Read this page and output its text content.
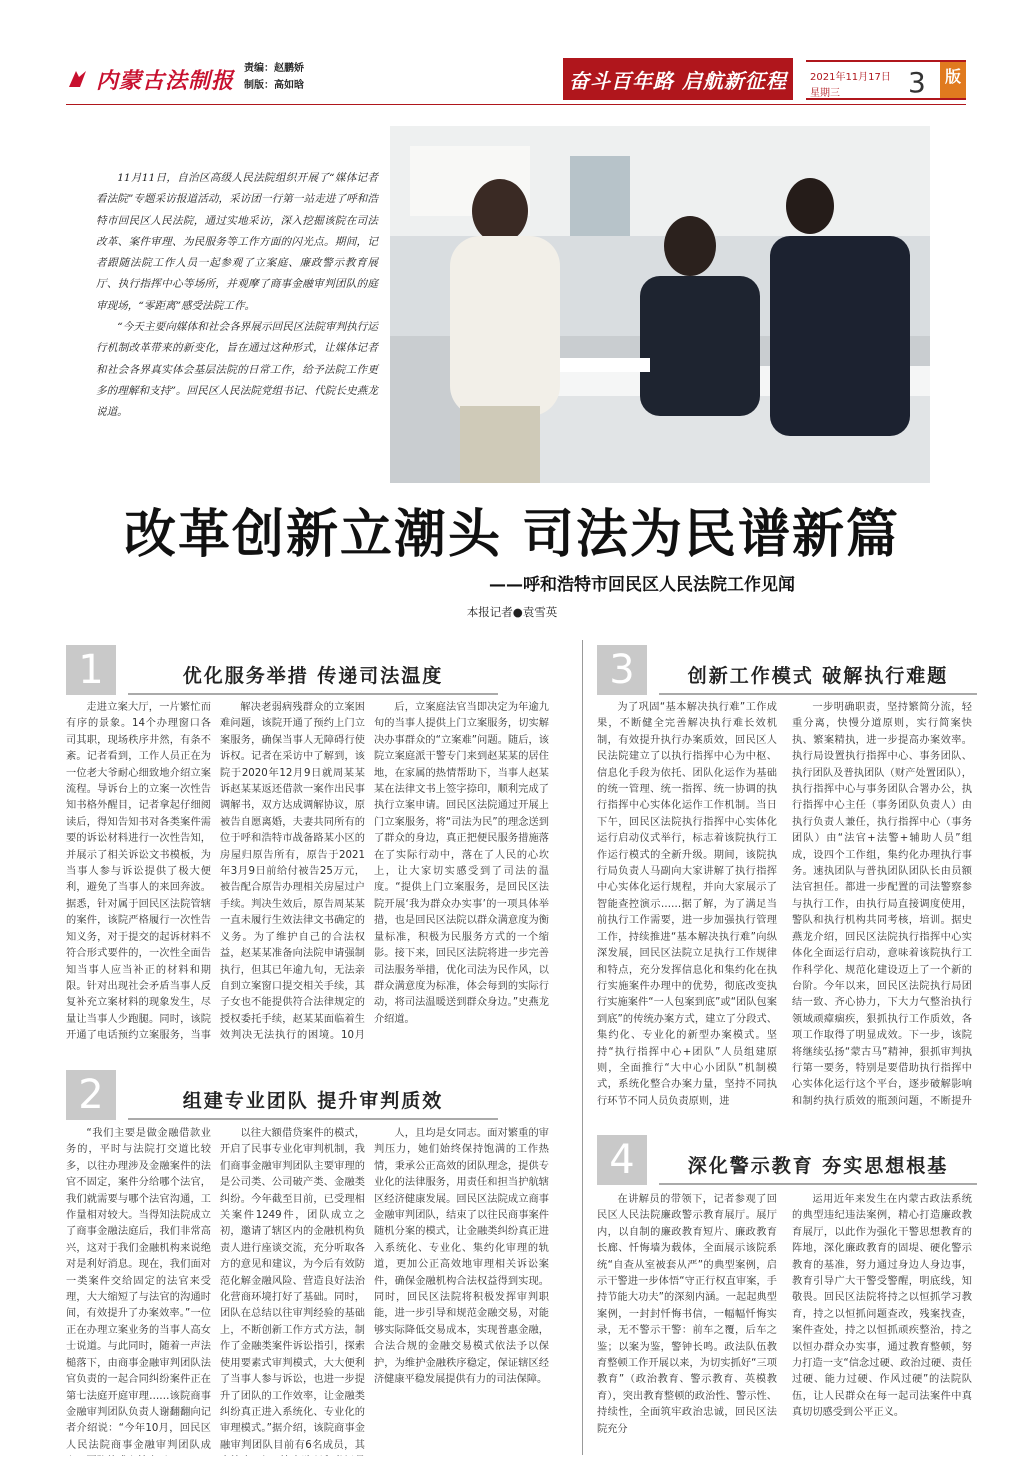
内蒙古法制报 责编：赵鹏娇
制版：高如晗	奋斗百年路 启航新征程	2021年11月17日
星期三 3	版

11月11日，自治区高级人民法院组织开展了“媒体记者看法院”专题采访报道活动，采访团一行第一站走进了呼和浩特市回民区人民法院，通过实地采访，深入挖掘该院在司法改革、案件审理、为民服务等工作方面的闪光点。期间，记者跟随法院工作人员一起参观了立案庭、廉政警示教育展厅、执行指挥中心等场所，并观摩了商事金融审判团队的庭审现场，“零距离”感受法院工作。

“今天主要向媒体和社会各界展示回民区法院审判执行运行机制改革带来的新变化，旨在通过这种形式，让媒体记者和社会各界真实体会基层法院的日常工作，给予法院工作更多的理解和支持”。回民区人民法院党组书记、代院长史燕龙说道。

改革创新立潮头 司法为民谱新篇
——呼和浩特市回民区人民法院工作见闻
本报记者●袁雪英
1	优化服务举措 传递司法温度

走进立案大厅，一片繁忙而有序的景象。14个办理窗口各司其职，现场秩序井然，有条不紊。记者看到，工作人员正在为一位老大爷耐心细致地介绍立案流程。导诉台上的立案一次性告知书格外醒目，记者拿起仔细阅读后，得知告知书对各类案件需要的诉讼材料进行一次性告知，并展示了相关诉讼文书模板，为当事人参与诉讼提供了极大便利，避免了当事人的来回奔波。据悉，针对属于回民区法院管辖的案件，该院严格履行一次性告知义务，对于提交的起诉材料不符合形式要件的，一次性全面告知当事人应当补正的材料和期限。针对出现社会矛盾当事人反复补充立案材料的现象发生，尽量让当事人少跑腿。同时，该院开通了电话预约立案服务，当事

解决老弱病残群众的立案困难问题，该院开通了预约上门立案服务，确保当事人无障碍行使诉权。记者在采访中了解到，该院于2020年12月9日就周某某诉赵某某返还借款一案作出民事调解书，双方达成调解协议，原被告自愿离婚，夫妻共同所有的位于呼和浩特市战备路某小区的房屋归原告所有，原告于2021年3月9日前给付被告25万元，被告配合原告办理相关房屋过户手续。判决生效后，原告周某某一直未履行生效法律文书确定的义务。为了维护自己的合法权益，赵某某准备向法院申请强制执行，但其已年逾九旬，无法亲自到立案窗口提交相关手续，其子女也不能提供符合法律规定的授权委托手续，赵某某面临着生效判决无法执行的困境。10月

后，立案庭法官当即决定为年逾九旬的当事人提供上门立案服务，切实解决办事群众的“立案难”问题。随后，该院立案庭派干警专门来到赵某某的居住地，在家属的热情帮助下，当事人赵某某在法律文书上签字捺印，顺利完成了执行立案申请。回民区法院通过开展上门立案服务，将“司法为民”的理念送到了群众的身边，真正把便民服务措施落在了实际行动中，落在了人民的心坎上，让大家切实感受到了司法的温度。“提供上门立案服务，是回民区法院开展‘我为群众办实事’的一项具体举措，也是回民区法院以群众满意度为衡量标准，积极为民服务方式的一个缩影。接下来，回民区法院将进一步完善司法服务举措，优化司法为民作风，以群众满意度为标准，体会每到的实际行动，将司法温暖送到群众身边。”史燕龙介绍道。

2	组建专业团队 提升审判质效

“我们主要是做金融借款业务的，平时与法院打交道比较多，以往办理涉及金融案件的法官不固定，案件分给哪个法官，我们就需要与哪个法官沟通，工作量相对较大。当得知法院成立了商事金融法庭后，我们非常高兴，这对于我们金融机构来说绝对是利好消息。现在，我们面对一类案件交给固定的法官来受理，大大缩短了与法官的沟通时间，有效提升了办案效率。”一位正在办理立案业务的当事人高女士说道。与此同时，随着一声法槌落下，由商事金融审判团队法官负责的一起合同纠纷案件正在第七法庭开庭审理……该院商事金融审判团队负责人谢翻翻向记者介绍说：“今年10月，回民区人民法院商事金融审判团队成

以往大额借贷案件的模式，开启了民事专业化审判机制，我们商事金融审判团队主要审理的是公司类、公司破产类、金融类纠纷。今年截至目前，已受理相关案件1249件，团队成立之初，邀请了辖区内的金融机构负责人进行座谈交流，充分听取各方的意见和建议，为今后有效防范化解金融风险、营造良好法治化营商环境打好了基础。同时，团队在总结以往审判经验的基础上，不断创新工作方式方法，制作了金融类案件诉讼指引，探索使用要素式审判模式，大大便利了当事人参与诉讼，也进一步提升了团队的工作效率，让金融类纠纷真正进入系统化、专业化的审理模式。”据介绍，该院商事金融审判团队目前有6名成员，其

人，且均是女同志。面对繁重的审判压力，她们始终保持饱满的工作热情，秉承公正高效的团队理念，提供专业化的法律服务，用责任和担当护航辖区经济健康发展。回民区法院成立商事金融审判团队，结束了以往民商事案件随机分案的模式，让金融类纠纷真正进入系统化、专业化、集约化审理的轨道，更加公正高效地审理相关诉讼案件，确保金融机构合法权益得到实现。同时，回民区法院将积极发挥审判职能，进一步引导和规范金融交易，对能够实际降低交易成本，实现普惠金融，合法合规的金融交易模式依法予以保护，为维护金融秩序稳定，保证辖区经济健康平稳发展提供有力的司法保障。

3	创新工作模式 破解执行难题

为了巩固“基本解决执行难”工作成果，不断健全完善解决执行难长效机制，有效提升执行办案质效，回民区人民法院建立了以执行指挥中心为中枢、信息化手段为依托、团队化运作为基础的统一管理、统一指挥、统一协调的执行指挥中心实体化运作工作机制。当日下午，回民区法院执行指挥中心实体化运行启动仪式举行，标志着该院执行工作运行模式的全新升级。期间，该院执行局负责人马副向大家讲解了执行指挥中心实体化运行规程，并向大家展示了智能查控演示……据了解，为了满足当前执行工作需要，进一步加强执行管理工作，持续推进“基本解决执行难”向纵深发展，回民区法院立足执行工作规律和特点，充分发挥信息化和集约化在执行实施案件办理中的优势，彻底改变执行实施案件“一人包案到底”或“团队包案到底”的传统办案方式，建立了分段式、集约化、专业化的新型办案模式。坚持“执行指挥中心+团队”人员组建原则，全面推行“大中心小团队”机制模式，系统化整合办案力量，坚持不同执行环节不同人员负责原则，进

一步明确职责，坚持繁简分流，轻重分离，快慢分道原则，实行简案快执、繁案精执，进一步提高办案效率。执行局设置执行指挥中心、事务团队、执行团队及普执团队（财产处置团队），执行指挥中心与事务团队合署办公，执行指挥中心主任（事务团队负责人）由执行负责人兼任，执行指挥中心（事务团队）由“法官+法警+辅助人员”组成，设四个工作组，集约化办理执行事务。速执团队与普执团队团队长由员额法官担任。都进一步配置的司法警察参与执行工作，由执行局直接调度使用，警队和执行机构共同考核，培训。据史燕龙介绍，回民区法院执行指挥中心实体化全面运行启动，意味着该院执行工作科学化、规范化建设迈上了一个新的台阶。今年以来，回民区法院执行局团结一致、齐心协力，下大力气整治执行领域顽瘴痼疾，狠抓执行工作质效，各项工作取得了明显成效。下一步，该院将继续弘扬“蒙古马”精神，狠抓审判执行第一要务，特别是要借助执行指挥中心实体化运行这个平台，逐步破解影响和制约执行质效的瓶颈问题，不断提升

4	深化警示教育 夯实思想根基

在讲解员的带领下，记者参观了回民区人民法院廉政警示教育展厅。展厅内，以自制的廉政教育短片、廉政教育长廊、忏悔墙为载体，全面展示该院系统“自查从室被套从严”的典型案例，启示干警进一步体悟“守正行权直审案，手持节能大功夫”的深刻内涵。一起起典型案例，一封封忏悔书信，一幅幅忏悔实录，无不警示干警：前车之覆，后车之鉴；以案为鉴，警钟长鸣。政法队伍教育整顿工作开展以来，为切实抓好“三项教育”（政治教育、警示教育、英模教育），突出教育整顿的政治性、警示性、持续性，全面筑牢政治忠诚，回民区法院充分

运用近年来发生在内蒙古政法系统的典型违纪违法案例，精心打造廉政教育展厅，以此作为强化干警思想教育的阵地，深化廉政教育的固堤、硬化警示教育的基准，努力通过身边人身边事，教育引导广大干警受警醒，明底线，知敬畏。回民区法院将持之以恒抓学习教育，持之以恒抓问题查改，残案找查，案件查处，持之以恒抓顽疾整治，持之以恒办群众办实事，通过教育整顿，努力打造一支“信念过硬、政治过硬、责任过硬、能力过硬、作风过硬”的法院队伍，让人民群众在每一起司法案件中真真切切感受到公平正义。
